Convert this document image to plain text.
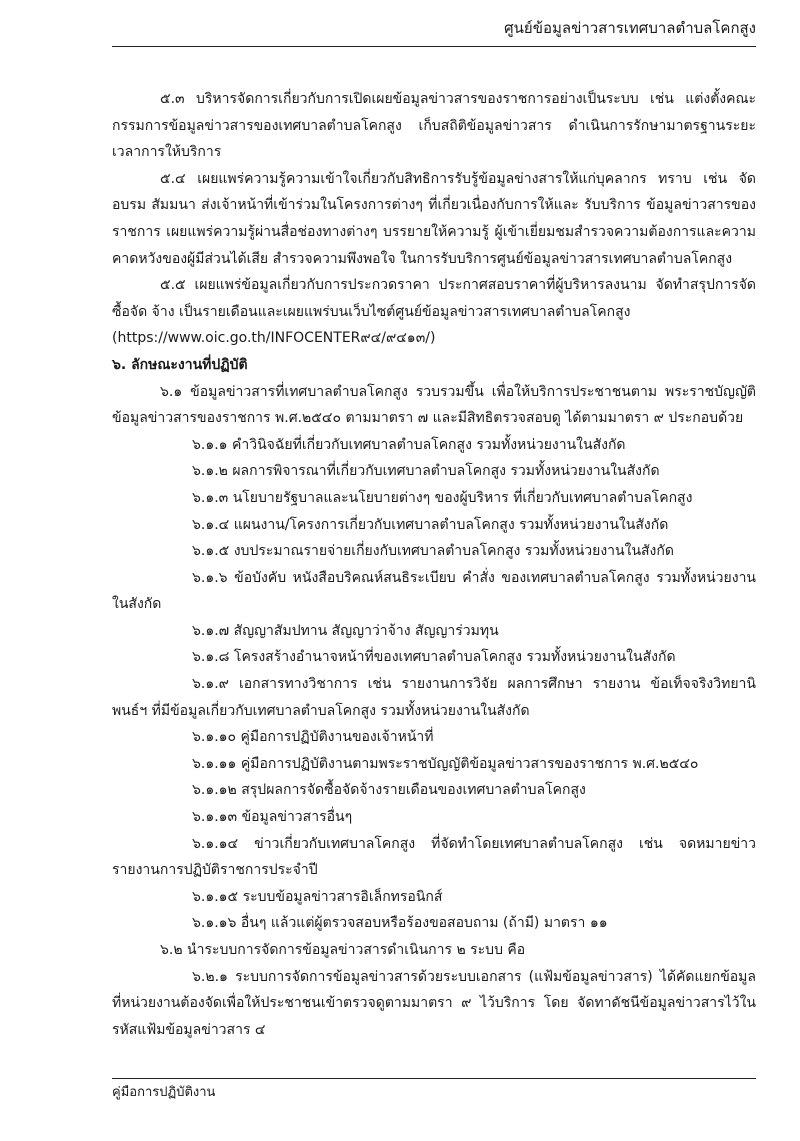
ศูนย์ข้อมูลข่าวสารเทศบาลตำบลโคกสูง

๕.๓ บริหารจัดการเกี่ยวกับการเปิดเผยข้อมูลข่าวสารของราชการอย่างเป็นระบบ เช่น แต่งตั้งคณะกรรมการข้อมูลข่าวสารของเทศบาลตำบลโคกสูง เก็บสถิติข้อมูลข่าวสาร ดำเนินการรักษามาตรฐานระยะเวลาการให้บริการ

๕.๔ เผยแพร่ความรู้ความเข้าใจเกี่ยวกับสิทธิการรับรู้ข้อมูลข่างสารให้แก่บุคลากร ทราบ เช่น จัดอบรม สัมมนา ส่งเจ้าหน้าที่เข้าร่วมในโครงการต่างๆ ที่เกี่ยวเนื่องกับการให้และ รับบริการ ข้อมูลข่าวสารของราชการ เผยแพร่ความรู้ผ่านสื่อช่องทางต่างๆ บรรยายให้ความรู้ ผู้เข้าเยี่ยมชมสำรวจความต้องการและความคาดหวังของผู้มีส่วนได้เสีย สำรวจความพึงพอใจ ในการรับบริการศูนย์ข้อมูลข่าวสารเทศบาลตำบลโคกสูง

๕.๕ เผยแพร่ข้อมูลเกี่ยวกับการประกวดราคา ประกาศสอบราคาที่ผู้บริหารลงนาม จัดทำสรุปการจัดซื้อจัด จ้าง เป็นรายเดือนและเผยแพร่บนเว็บไซต์ศูนย์ข้อมูลข่าวสารเทศบาลตำบลโคกสูง

(https://www.oic.go.th/INFOCENTER๙๔/๙๔๑๓/)

๖. ลักษณะงานที่ปฏิบัติ

๖.๑ ข้อมูลข่าวสารที่เทศบาลตำบลโคกสูง รวบรวมขึ้น เพื่อให้บริการประชาชนตาม พระราชบัญญัติข้อมูลข่าวสารของราชการ พ.ศ.๒๕๔๐ ตามมาตรา ๗ และมีสิทธิตรวจสอบดู ได้ตามมาตรา ๙ ประกอบด้วย

๖.๑.๑ คำวินิจฉัยที่เกี่ยวกับเทศบาลตำบลโคกสูง รวมทั้งหน่วยงานในสังกัด

๖.๑.๒ ผลการพิจารณาที่เกี่ยวกับเทศบาลตำบลโคกสูง รวมทั้งหน่วยงานในสังกัด

๖.๑.๓ นโยบายรัฐบาลและนโยบายต่างๆ ของผู้บริหาร ที่เกี่ยวกับเทศบาลตำบลโคกสูง

๖.๑.๔ แผนงาน/โครงการเกี่ยวกับเทศบาลตำบลโคกสูง รวมทั้งหน่วยงานในสังกัด

๖.๑.๕ งบประมาณรายจ่ายเกี่ยงกับเทศบาลตำบลโคกสูง รวมทั้งหน่วยงานในสังกัด

๖.๑.๖ ข้อบังคับ หนังสือบริคณห์สนธิระเบียบ คำสั่ง ของเทศบาลตำบลโคกสูง รวมทั้งหน่วยงานในสังกัด

๖.๑.๗ สัญญาสัมปทาน สัญญาว่าจ้าง สัญญาร่วมทุน

๖.๑.๘ โครงสร้างอำนาจหน้าที่ของเทศบาลตำบลโคกสูง รวมทั้งหน่วยงานในสังกัด

๖.๑.๙ เอกสารทางวิชาการ เช่น รายงานการวิจัย ผลการศึกษา รายงาน ข้อเท็จจริงวิทยานิพนธ์ฯ ที่มีข้อมูลเกี่ยวกับเทศบาลตำบลโคกสูง รวมทั้งหน่วยงานในสังกัด

๖.๑.๑๐ คู่มือการปฏิบัติงานของเจ้าหน้าที่

๖.๑.๑๑ คู่มือการปฏิบัติงานตามพระราชบัญญัติข้อมูลข่าวสารของราชการ พ.ศ.๒๕๔๐

๖.๑.๑๒ สรุปผลการจัดซื้อจัดจ้างรายเดือนของเทศบาลตำบลโคกสูง

๖.๑.๑๓ ข้อมูลข่าวสารอื่นๆ

๖.๑.๑๔ ข่าวเกี่ยวกับเทศบาลโคกสูง ที่จัดทำโดยเทศบาลตำบลโคกสูง เช่น จดหมายข่าว รายงานการปฏิบัติราชการประจำปี

๖.๑.๑๕ ระบบข้อมูลข่าวสารอิเล็กทรอนิกส์

๖.๑.๑๖ อื่นๆ แล้วแต่ผู้ตรวจสอบหรือร้องขอสอบถาม (ถ้ามี) มาตรา ๑๑

๖.๒ นำระบบการจัดการข้อมูลข่าวสารดำเนินการ ๒ ระบบ คือ

๖.๒.๑ ระบบการจัดการข้อมูลข่าวสารด้วยระบบเอกสาร (แฟ้มข้อมูลข่าวสาร) ได้คัดแยกข้อมูลที่หน่วยงานต้องจัดเพื่อให้ประชาชนเข้าตรวจดูตามมาตรา ๙ ไว้บริการ โดย จัดทาดัชนีข้อมูลข่าวสารไว้ในรหัสแฟ้มข้อมูลข่าวสาร ๔

คู่มือการปฏิบัติงาน
